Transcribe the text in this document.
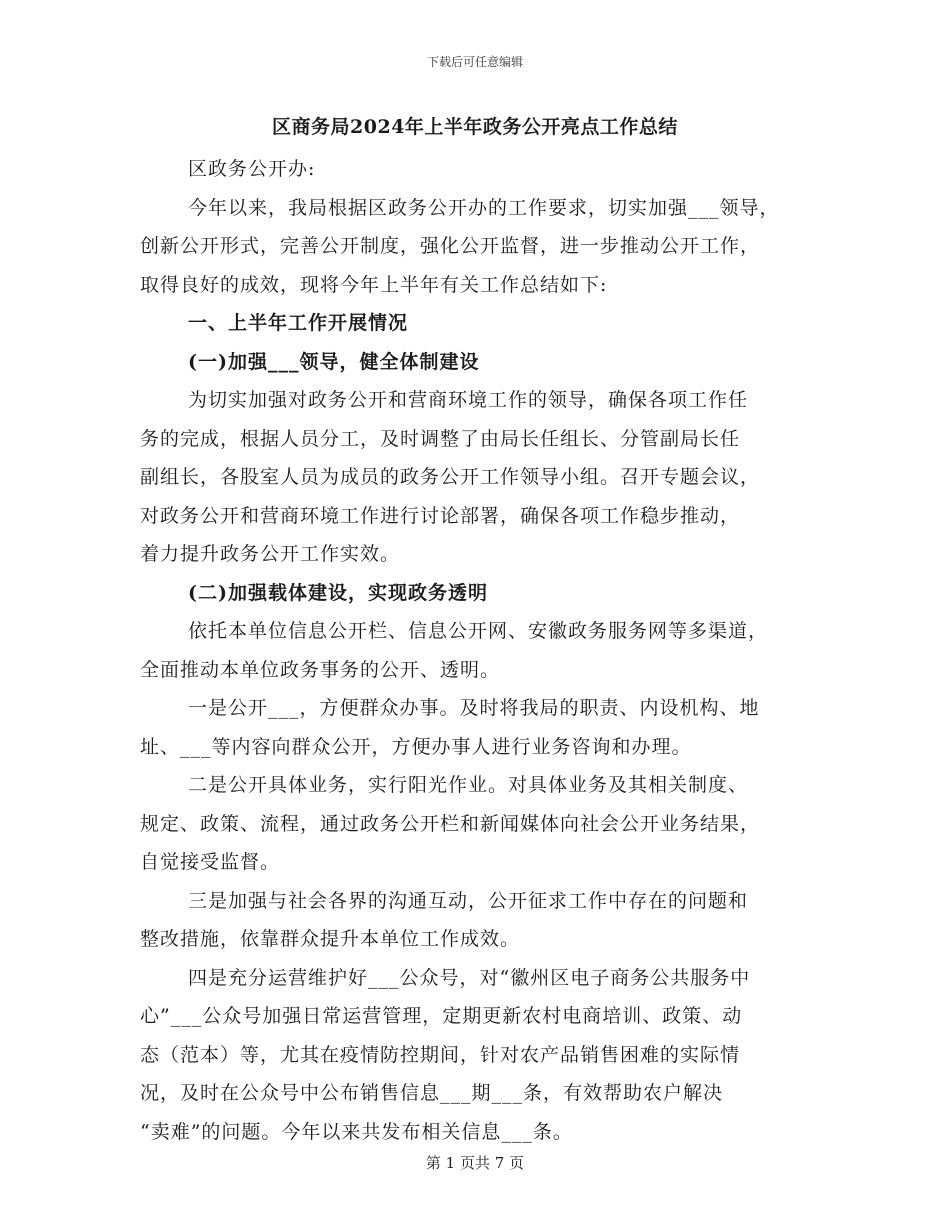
下载后可任意编辑
区商务局2024年上半年政务公开亮点工作总结
区政务公开办:
今年以来，我局根据区政务公开办的工作要求，切实加强___领导，
创新公开形式，完善公开制度，强化公开监督，进一步推动公开工作，
取得良好的成效，现将今年上半年有关工作总结如下:
一、上半年工作开展情况
(一)加强___领导，健全体制建设
为切实加强对政务公开和营商环境工作的领导，确保各项工作任
务的完成，根据人员分工，及时调整了由局长任组长、分管副局长任
副组长，各股室人员为成员的政务公开工作领导小组。召开专题会议，
对政务公开和营商环境工作进行讨论部署，确保各项工作稳步推动，
着力提升政务公开工作实效。
(二)加强载体建设，实现政务透明
依托本单位信息公开栏、信息公开网、安徽政务服务网等多渠道，
全面推动本单位政务事务的公开、透明。
一是公开___，方便群众办事。及时将我局的职责、内设机构、地
址、___等内容向群众公开，方便办事人进行业务咨询和办理。
二是公开具体业务，实行阳光作业。对具体业务及其相关制度、
规定、政策、流程，通过政务公开栏和新闻媒体向社会公开业务结果，
自觉接受监督。
三是加强与社会各界的沟通互动，公开征求工作中存在的问题和
整改措施，依靠群众提升本单位工作成效。
四是充分运营维护好___公众号，对“徽州区电子商务公共服务中
心”___公众号加强日常运营管理，定期更新农村电商培训、政策、动
态（范本）等，尤其在疫情防控期间，针对农产品销售困难的实际情
况，及时在公众号中公布销售信息___期___条，有效帮助农户解决
“卖难”的问题。今年以来共发布相关信息___条。
第 1 页共 7 页
